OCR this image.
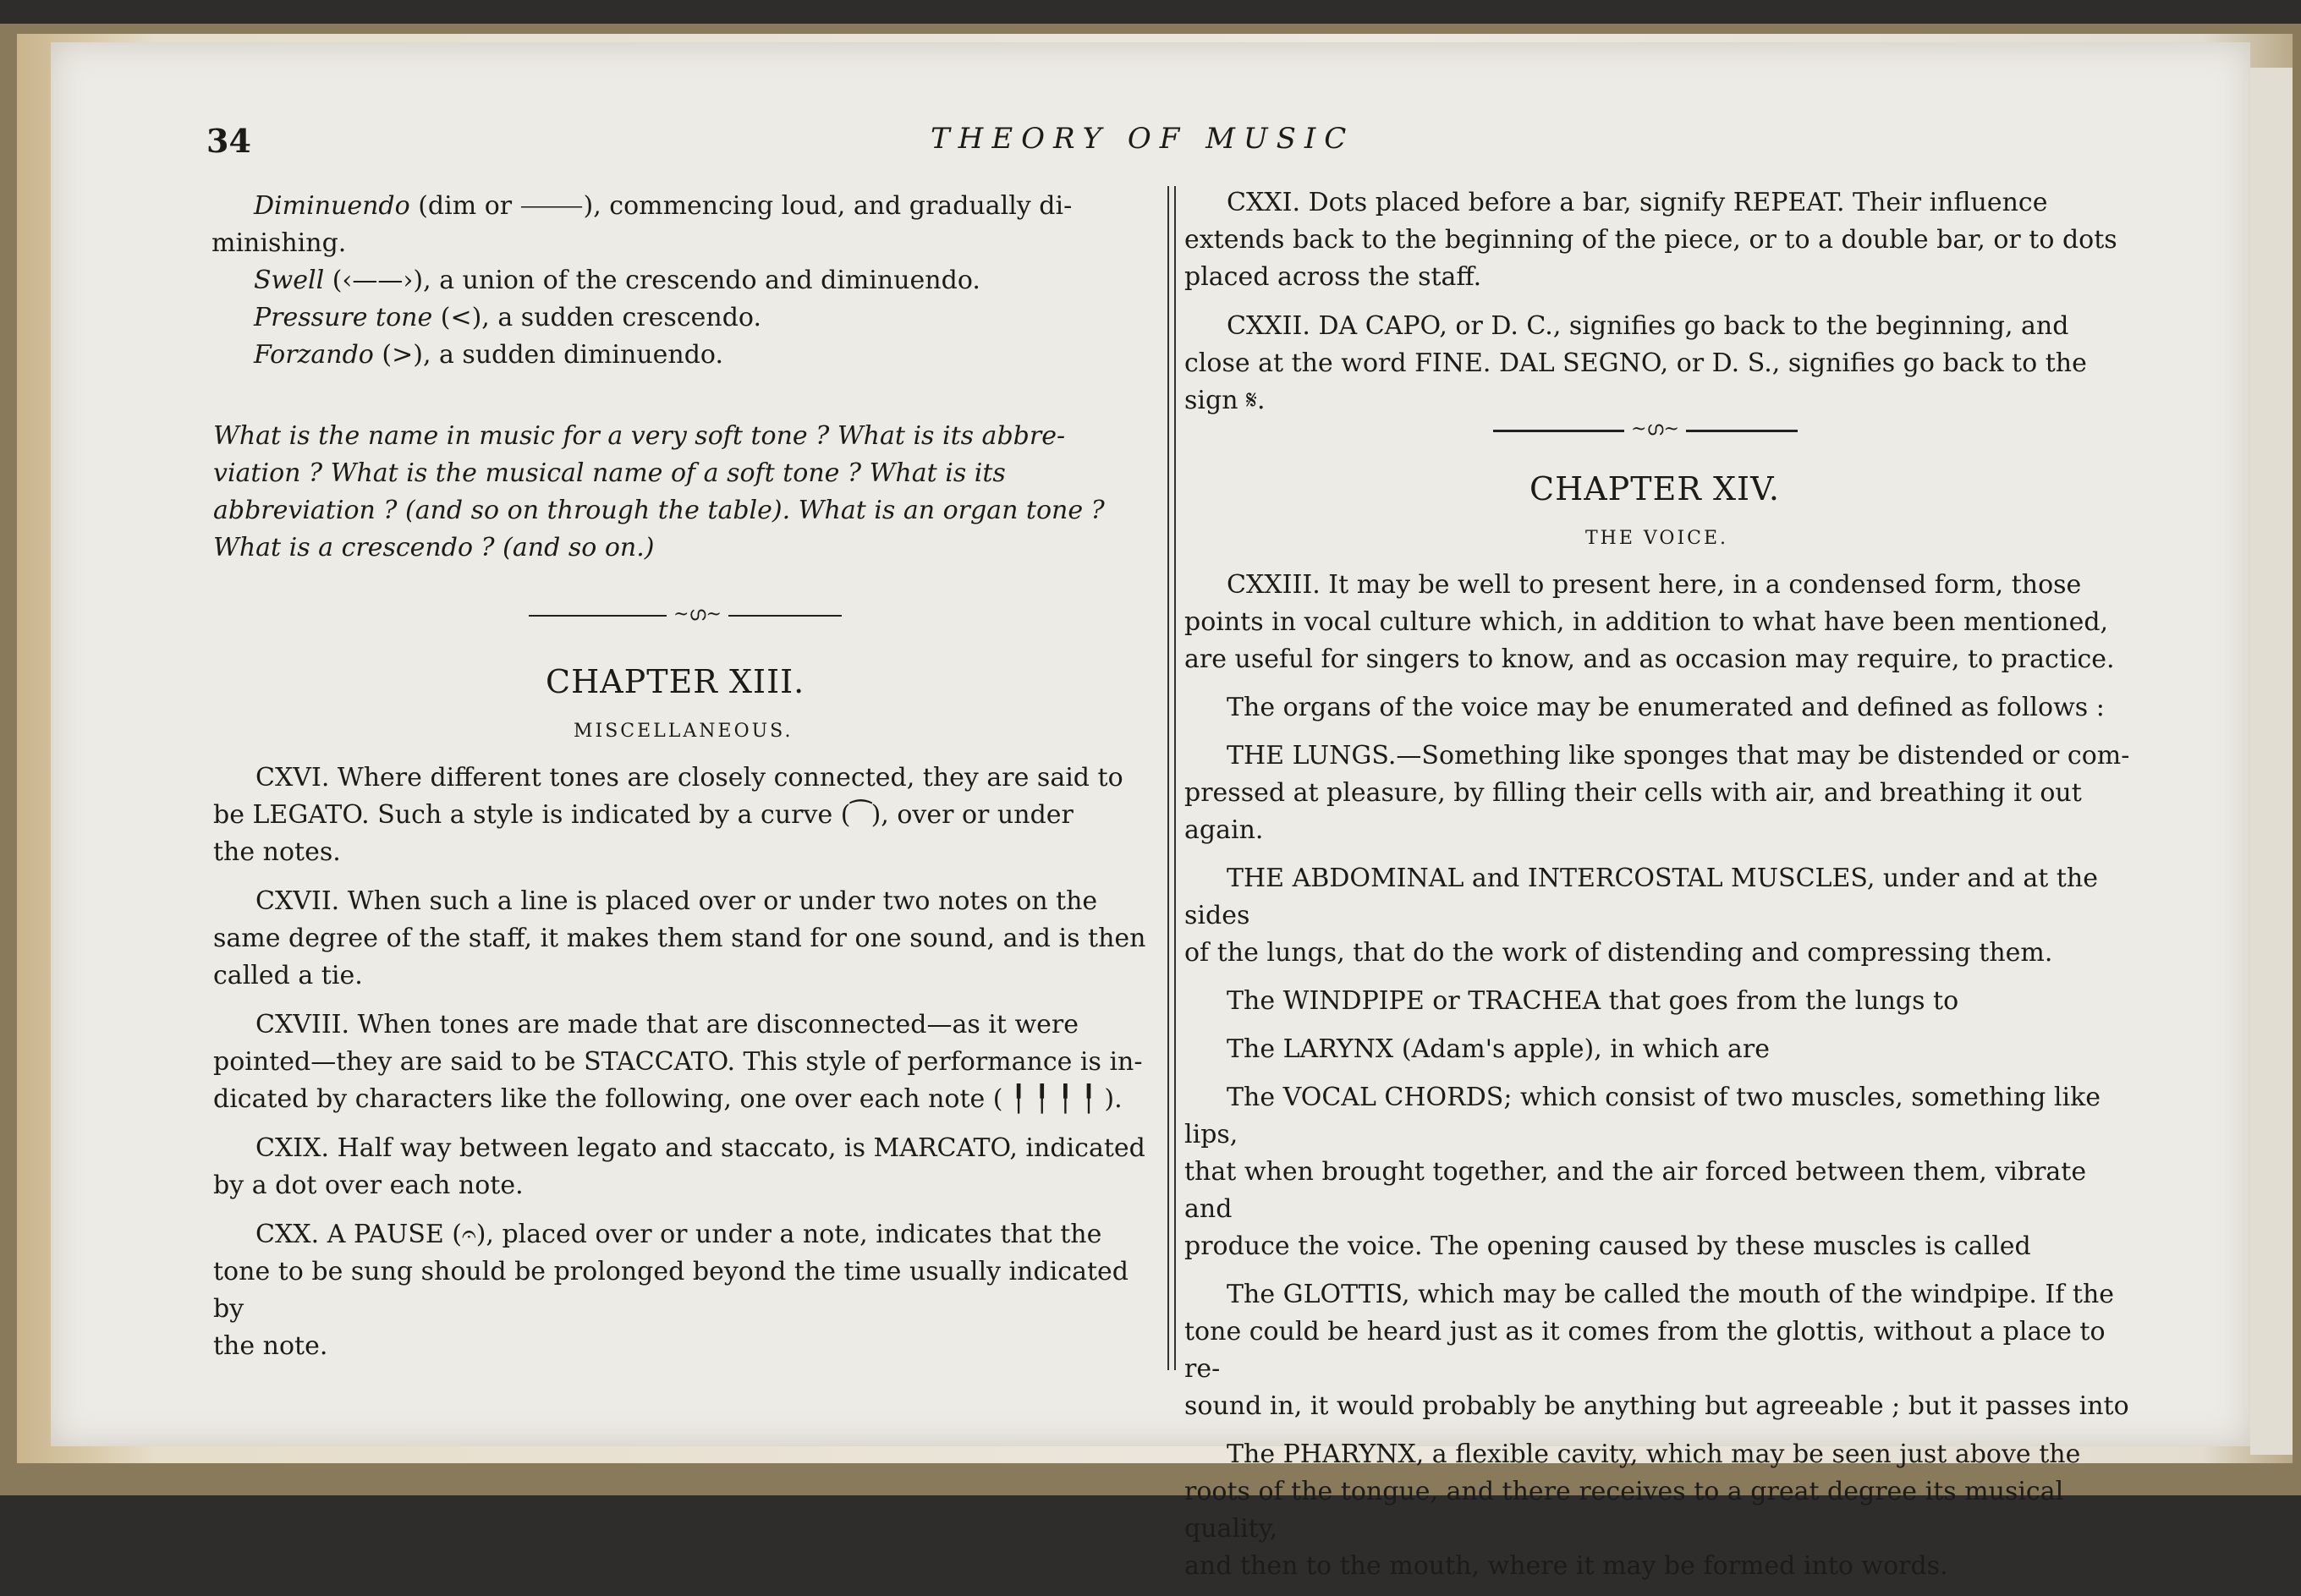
34	THEORY OF MUSIC
Diminuendo (dim or ⸻), commencing loud, and gradually di-
minishing.
Swell (‹——›), a union of the crescendo and diminuendo.
Pressure tone (<), a sudden crescendo.
Forzando (>), a sudden diminuendo.
What is the name in music for a very soft tone ? What is its abbre-
viation ? What is the musical name of a soft tone ? What is its
abbreviation ? (and so on through the table). What is an organ tone ?
What is a crescendo ? (and so on.)
~ഗ~
CHAPTER XIII.
MISCELLANEOUS.
CXVI. Where different tones are closely connected, they are said to
be LEGATO. Such a style is indicated by a curve (⁀), over or under
the notes.
CXVII. When such a line is placed over or under two notes on the
same degree of the staff, it makes them stand for one sound, and is then
called a tie.
CXVIII. When tones are made that are disconnected—as it were
pointed—they are said to be STACCATO. This style of performance is in-
dicated by characters like the following, one over each note ( ╿ ╿ ╿ ╿ ).
CXIX. Half way between legato and staccato, is MARCATO, indicated
by a dot over each note.
CXX. A PAUSE (𝄐), placed over or under a note, indicates that the
tone to be sung should be prolonged beyond the time usually indicated by
the note.
CXXI. Dots placed before a bar, signify REPEAT. Their influence
extends back to the beginning of the piece, or to a double bar, or to dots
placed across the staff.
CXXII. DA CAPO, or D. C., signifies go back to the beginning, and
close at the word FINE. DAL SEGNO, or D. S., signifies go back to the sign 𝄋.
~ഗ~
CHAPTER XIV.
THE VOICE.
CXXIII. It may be well to present here, in a condensed form, those
points in vocal culture which, in addition to what have been mentioned,
are useful for singers to know, and as occasion may require, to practice.
The organs of the voice may be enumerated and defined as follows :
THE LUNGS.—Something like sponges that may be distended or com-
pressed at pleasure, by filling their cells with air, and breathing it out again.
THE ABDOMINAL and INTERCOSTAL MUSCLES, under and at the sides
of the lungs, that do the work of distending and compressing them.
The WINDPIPE or TRACHEA that goes from the lungs to
The LARYNX (Adam's apple), in which are
The VOCAL CHORDS; which consist of two muscles, something like lips,
that when brought together, and the air forced between them, vibrate and
produce the voice. The opening caused by these muscles is called
The GLOTTIS, which may be called the mouth of the windpipe. If the
tone could be heard just as it comes from the glottis, without a place to re-
sound in, it would probably be anything but agreeable ; but it passes into
The PHARYNX, a flexible cavity, which may be seen just above the
roots of the tongue, and there receives to a great degree its musical quality,
and then to the mouth, where it may be formed into words.
